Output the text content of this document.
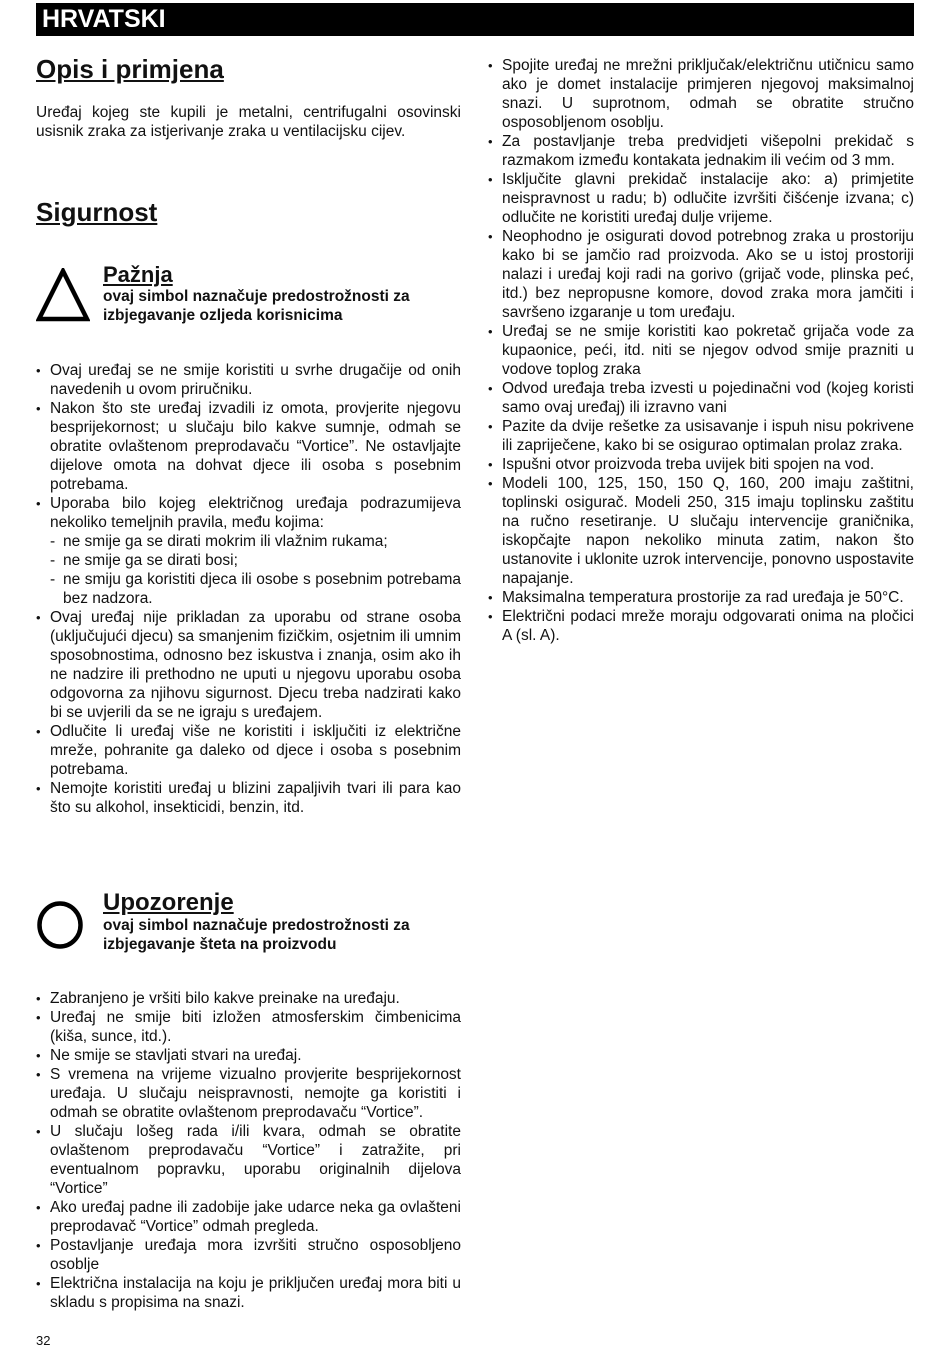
HRVATSKI
Opis i primjena

Uređaj kojeg ste kupili je metalni, centrifugalni osovinski usisnik zraka za istjerivanje zraka u ventilacijsku cijev.

Sigurnost

Pažnja

ovaj simbol naznačuje predostrožnosti za izbjegavanje ozljeda korisnicima

• Ovaj uređaj se ne smije koristiti u svrhe drugačije od onih navedenih u ovom priručniku.
• Nakon što ste uređaj izvadili iz omota, provjerite njegovu besprijekornost; u slučaju bilo kakve sumnje, odmah se obratite ovlaštenom preprodavaču “Vortice”. Ne ostavljajte dijelove omota na dohvat djece ili osoba s posebnim potrebama.
• Uporaba bilo kojeg električnog uređaja podrazumijeva nekoliko temeljnih pravila, među kojima:
- ne smije ga se dirati mokrim ili vlažnim rukama;
- ne smije ga se dirati bosi;
- ne smiju ga koristiti djeca ili osobe s posebnim potrebama bez nadzora.
• Ovaj uređaj nije prikladan za uporabu od strane osoba (uključujući djecu) sa smanjenim fizičkim, osjetnim ili umnim sposobnostima, odnosno bez iskustva i znanja, osim ako ih ne nadzire ili prethodno ne uputi u njegovu uporabu osoba odgovorna za njihovu sigurnost. Djecu treba nadzirati kako bi se uvjerili da se ne igraju s uređajem.
• Odlučite li uređaj više ne koristiti i isključiti iz električne mreže, pohranite ga daleko od djece i osoba s posebnim potrebama.
• Nemojte koristiti uređaj u blizini zapaljivih tvari ili para kao što su alkohol, insekticidi, benzin, itd.

Upozorenje

ovaj simbol naznačuje predostrožnosti za izbjegavanje šteta na proizvodu

• Zabranjeno je vršiti bilo kakve preinake na uređaju.
• Uređaj ne smije biti izložen atmosferskim čimbenicima (kiša, sunce, itd.).
• Ne smije se stavljati stvari na uređaj.
• S vremena na vrijeme vizualno provjerite besprijekornost uređaja. U slučaju neispravnosti, nemojte ga koristiti i odmah se obratite ovlaštenom preprodavaču “Vortice”.
• U slučaju lošeg rada i/ili kvara, odmah se obratite ovlaštenom preprodavaču “Vortice” i zatražite, pri eventualnom popravku, uporabu originalnih dijelova “Vortice”
• Ako uređaj padne ili zadobije jake udarce neka ga ovlašteni preprodavač “Vortice” odmah pregleda.
• Postavljanje uređaja mora izvršiti stručno osposobljeno osoblje
• Električna instalacija na koju je priključen uređaj mora biti u skladu s propisima na snazi.
• Spojite uređaj ne mrežni priključak/električnu utičnicu samo ako je domet instalacije primjeren njegovoj maksimalnoj snazi. U suprotnom, odmah se obratite stručno osposobljenom osoblju.
• Za postavljanje treba predvidjeti višepolni prekidač s razmakom između kontakata jednakim ili većim od 3 mm.
• Isključite glavni prekidač instalacije ako: a) primjetite neispravnost u radu; b) odlučite izvršiti čišćenje izvana; c) odlučite ne koristiti uređaj dulje vrijeme.
• Neophodno je osigurati dovod potrebnog zraka u prostoriju kako bi se jamčio rad proizvoda. Ako se u istoj prostoriji nalazi i uređaj koji radi na gorivo (grijač vode, plinska peć, itd.) bez nepropusne komore, dovod zraka mora jamčiti i savršeno izgaranje u tom uređaju.
• Uređaj se ne smije koristiti kao pokretač grijača vode za kupaonice, peći, itd. niti se njegov odvod smije prazniti u vodove toplog zraka
• Odvod uređaja treba izvesti u pojedinačni vod (kojeg koristi samo ovaj uređaj) ili izravno vani
• Pazite da dvije rešetke za usisavanje i ispuh nisu pokrivene ili zapriječene, kako bi se osigurao optimalan prolaz zraka.
• Ispušni otvor proizvoda treba uvijek biti spojen na vod.
• Modeli 100, 125, 150, 150 Q, 160, 200 imaju zaštitni, toplinski osigurač. Modeli 250, 315 imaju toplinsku zaštitu na ručno resetiranje. U slučaju intervencije graničnika, iskopčajte napon nekoliko minuta zatim, nakon što ustanovite i uklonite uzrok intervencije, ponovno uspostavite napajanje.
• Maksimalna temperatura prostorije za rad uređaja je 50°C.
• Električni podaci mreže moraju odgovarati onima na pločici A (sl. A).
32
